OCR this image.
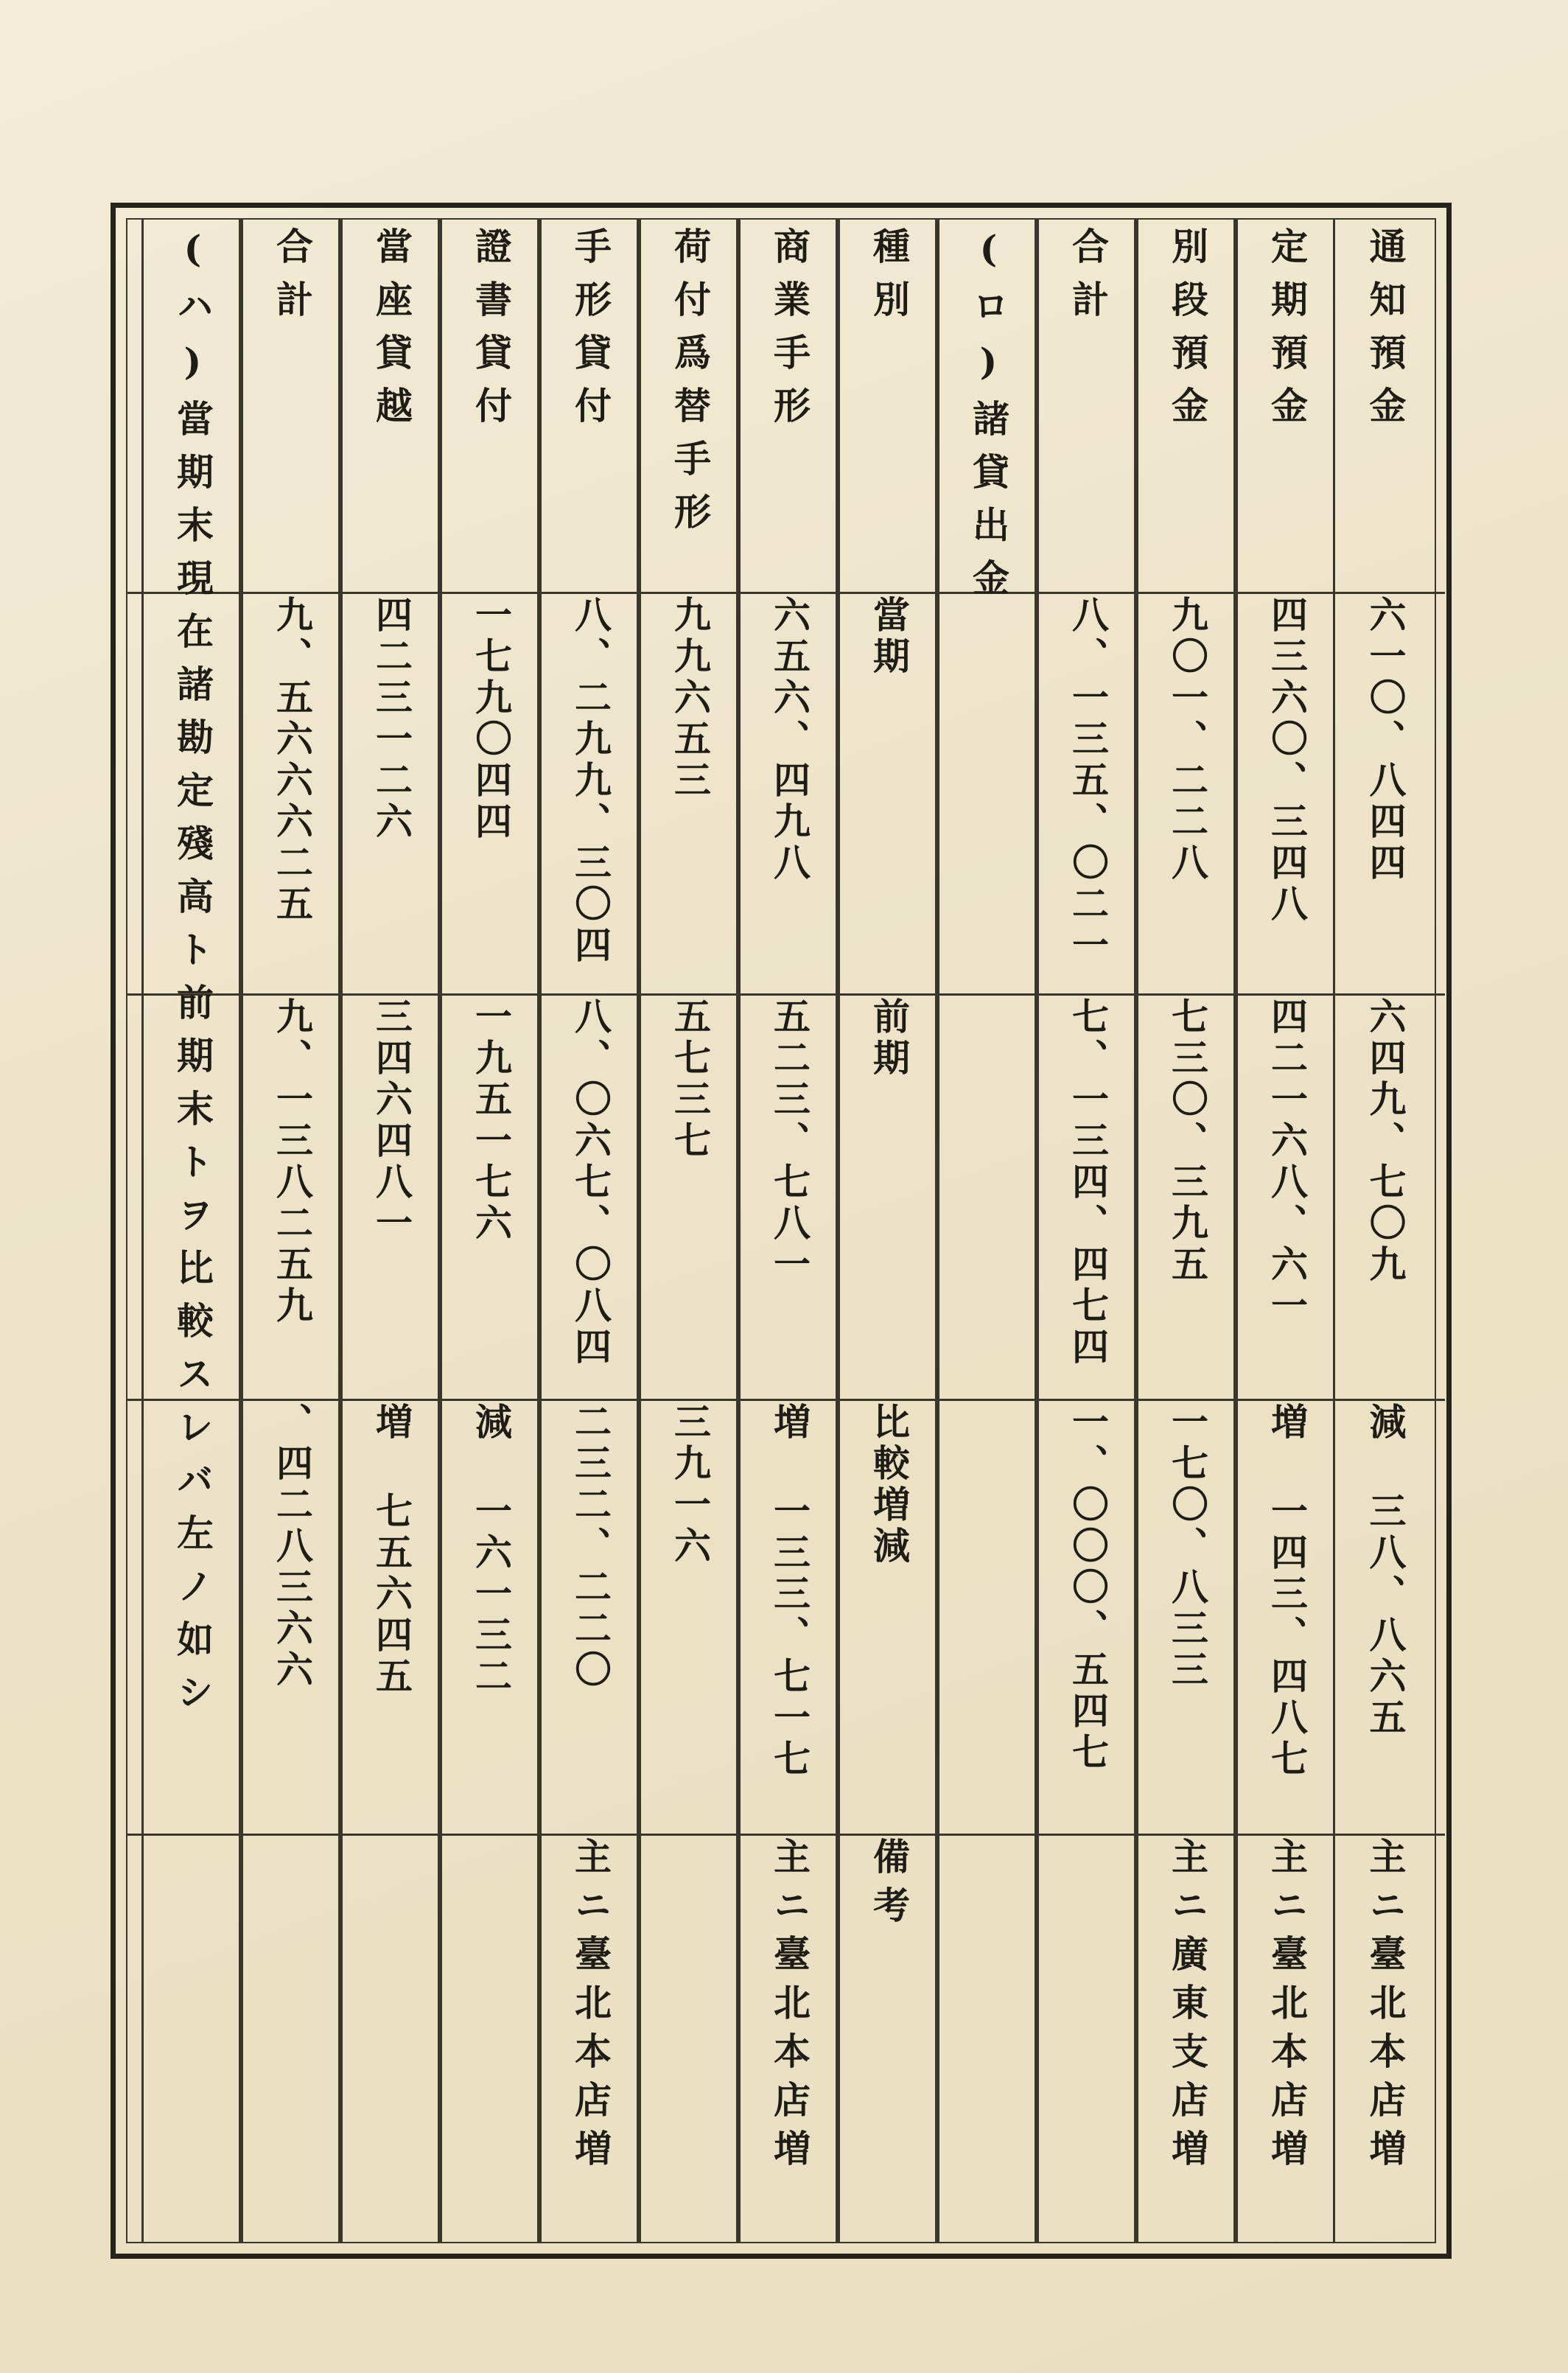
通知預金
六一〇、八四四
六四九、七〇九
減 三八、八六五
主ニ臺北本店増
定期預金
四三六〇、三四八
四二一六八、六一
増 一四三、四八七
主ニ臺北本店増
別段預金
九〇一、二二八
七三〇、三九五
一七〇、八三三
主ニ廣東支店増
合計
八、一三五、〇二一
七、一三四、四七四
一、〇〇〇、五四七
(ロ)諸貸出金
種別
當期
前期
比較増減
備考
商業手形
六五六、四九八
五二三、七八一
増 一三三、七一七
主ニ臺北本店増
荷付爲替手形
九九六五三
五七三七
三九一六
手形貸付
八、二九九、三〇四
八、〇六七、〇八四
二三二、二二〇
主ニ臺北本店増
證書貸付
一七九〇四四
一九五一七六
減 一六一三二
當座貸越
四二三一二六
三四六四八一
増 七五六四五
合計
九、五六六六二五
九、一三八二五九
、四二八三六六
(ハ)當期末現在諸勘定殘高ト前期末トヲ比較スレバ左ノ如シ
